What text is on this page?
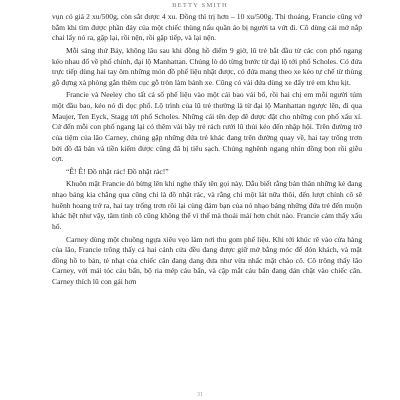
BETTY SMITH

vụn có giá 2 xu/500g, còn sắt được 4 xu. Đồng thì trị hơn – 10 xu/500g. Thi thoảng, Francie cũng vớ bẫm khi tìm được phần đáy của một chiếc thùng nấu quần áo bị người ta vứt đi. Cô dùng cái mở nắp chai lấy nó ra, gập lại, rồi nện, rồi gập tiếp, và lại nện.

Mỗi sáng thứ Bảy, không lâu sau khi đồng hồ điểm 9 giờ, lũ trẻ bắt đầu từ các con phố ngang kéo nhau đổ về phố chính, đại lộ Manhattan. Chúng lò dò từng bước từ đại lộ tới phố Scholes. Có đứa trực tiếp dùng hai tay ôm những món đồ phế liệu nhặt được, có đứa mang theo xe kéo tự chế từ thùng gỗ đựng xà phòng gắn thêm cục gỗ tròn làm bánh xe. Cũng có vài đứa dùng xe đẩy trẻ em khu kịt.

Francie và Neeley cho tất cả số phế liệu vào một cái bao vải bố, rồi hai chị em mỗi người túm một đầu bao, kéo nó đi dọc phố. Lộ trình của lũ trẻ thường là từ đại lộ Manhattan ngược lên, đi qua Maujer, Ten Eyck, Stagg tới phố Scholes. Những cái tên đẹp đẽ được đặt cho những con phố xấu xí. Cứ đến mỗi con phố ngang lại có thêm vài bầy trẻ rách rưới lũ thủi kéo đến nhập hội. Trên đường trở của tiệm của lão Carney, chúng gặp những đứa trẻ khác đang trên đường quay về, hai tay trống trơn bởi đồ đã bán và tiền kiếm được cũng đã bị tiêu sạch. Chúng nghênh ngang nhìn đồng bọn rồi giễu cợt.

“Ê! Ê! Đồ nhặt rác! Đồ nhặt rác!”

Khuôn mặt Francie đỏ bừng lên khi nghe thấy tên gọi này. Dẫu biết rằng bản thân những kẻ đang nhạo báng kia chẳng qua cũng chỉ là đồ nhặt rác, và rằng chỉ một lát nữa thôi, đến lượt chính cô sẽ huênh hoang trở ra, hai tay trống trơn rồi lại cùng đám bạn của nó nhạo báng những đứa trẻ đến muộn khác hệt như vậy, tâm tình cô cũng không thể vì thế mà thoải mái hơn chút nào. Francie cảm thấy xấu hổ.

Carney dùng một chuồng ngựa xiêu vẹo làm nơi thu gom phế liệu. Khi tới khúc rẽ vào cửa hàng của lão, Francie trông thấy cả hai cánh cửa đều đang được giữ mở bằng móc để đón khách, và mặt đồng hồ to bản, tẻ nhạt của chiếc cân đang dang đưa như vừa nhấc mặt chào cô. Cô trông thấy lão Carney, với mái tóc cáu bẩn, bộ ria mép cáu bẩn, và cặp mắt cáu bẩn đang dán chặt vào chiếc cân. Carney thích lũ con gái hơn

31
